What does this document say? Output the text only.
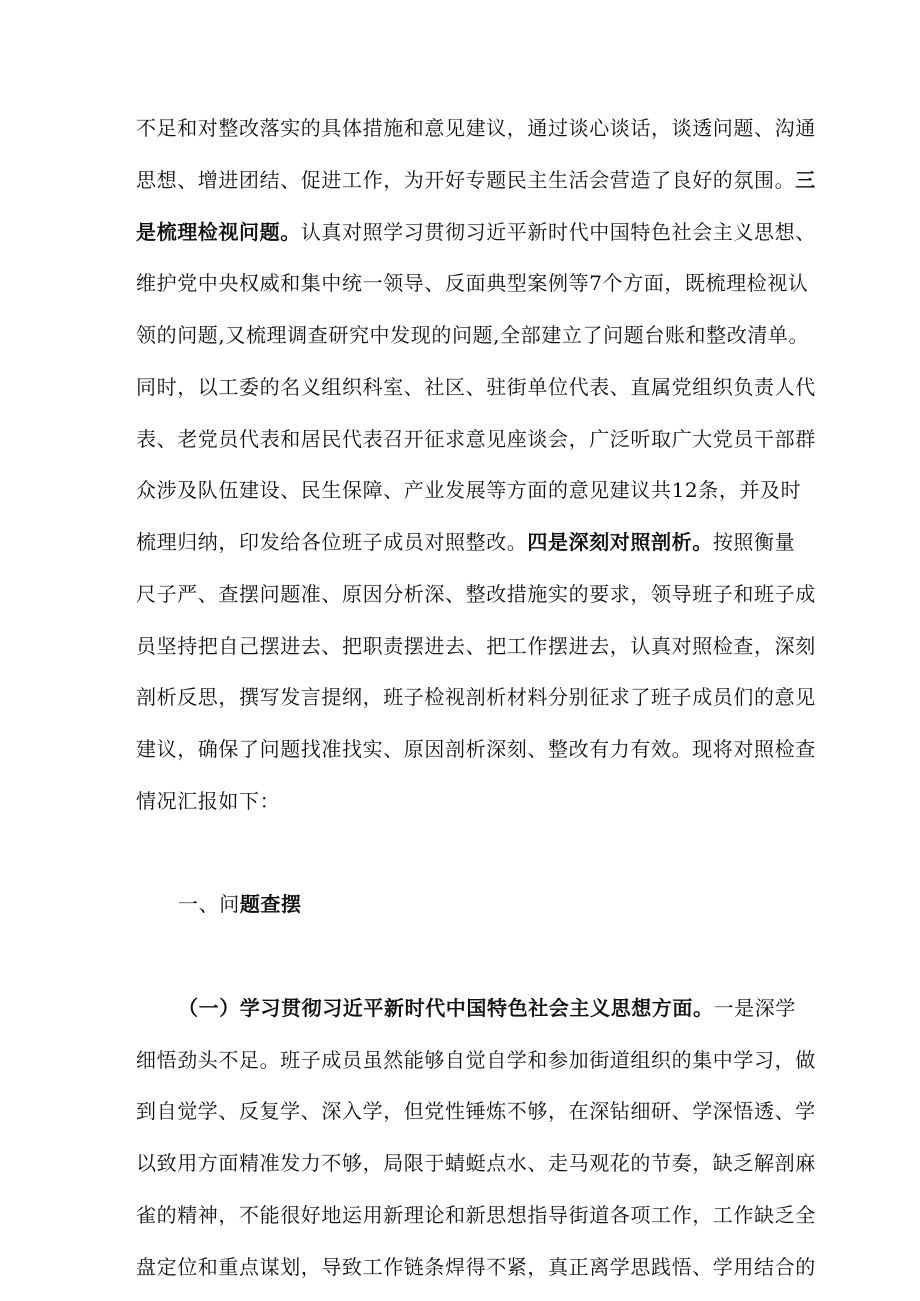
不足和对整改落实的具体措施和意见建议，通过谈心谈话，谈透问题、沟通
思想、增进团结、促进工作，为开好专题民主生活会营造了良好的氛围。三
是梳理检视问题。认真对照学习贯彻习近平新时代中国特色社会主义思想、
维护党中央权威和集中统一领导、反面典型案例等7个方面，既梳理检视认
领的问题,又梳理调查研究中发现的问题,全部建立了问题台账和整改清单。
同时，以工委的名义组织科室、社区、驻街单位代表、直属党组织负责人代
表、老党员代表和居民代表召开征求意见座谈会，广泛听取广大党员干部群
众涉及队伍建设、民生保障、产业发展等方面的意见建议共12条，并及时
梳理归纳，印发给各位班子成员对照整改。四是深刻对照剖析。按照衡量
尺子严、查摆问题准、原因分析深、整改措施实的要求，领导班子和班子成
员坚持把自己摆进去、把职责摆进去、把工作摆进去，认真对照检查，深刻
剖析反思，撰写发言提纲，班子检视剖析材料分别征求了班子成员们的意见
建议，确保了问题找准找实、原因剖析深刻、整改有力有效。现将对照检查
情况汇报如下：
一、问题查摆
（一）学习贯彻习近平新时代中国特色社会主义思想方面。一是深学
细悟劲头不足。班子成员虽然能够自觉自学和参加街道组织的集中学习，做
到自觉学、反复学、深入学，但党性锤炼不够，在深钻细研、学深悟透、学
以致用方面精准发力不够，局限于蜻蜓点水、走马观花的节奏，缺乏解剖麻
雀的精神，不能很好地运用新理论和新思想指导街道各项工作，工作缺乏全
盘定位和重点谋划，导致工作链条焊得不紧，真正离学思践悟、学用结合的
